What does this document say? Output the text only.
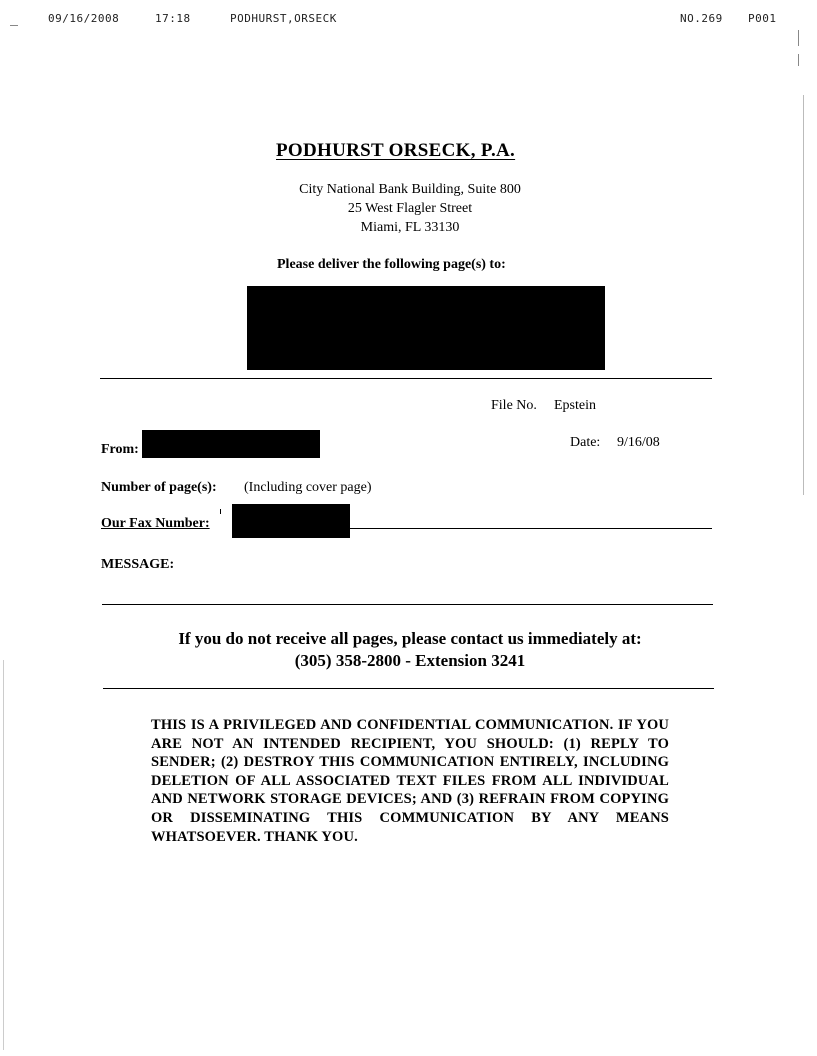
09/16/2008	17:18	PODHURST,ORSECK	NO.269 P001
PODHURST ORSECK, P.A.
City National Bank Building, Suite 800
25 West Flagler Street
Miami, FL 33130
Please deliver the following page(s) to:
File No. Epstein
From:	Date: 9/16/08
Number of page(s): (Including cover page)
Our Fax Number:
MESSAGE:
If you do not receive all pages, please contact us immediately at:
(305) 358-2800 - Extension 3241
THIS IS A PRIVILEGED AND CONFIDENTIAL COMMUNICATION. IF YOU ARE NOT AN INTENDED RECIPIENT, YOU SHOULD: (1) REPLY TO SENDER; (2) DESTROY THIS COMMUNICATION ENTIRELY, INCLUDING DELETION OF ALL ASSOCIATED TEXT FILES FROM ALL INDIVIDUAL AND NETWORK STORAGE DEVICES; AND (3) REFRAIN FROM COPYING OR DISSEMINATING THIS COMMUNICATION BY ANY MEANS WHATSOEVER. THANK YOU.
